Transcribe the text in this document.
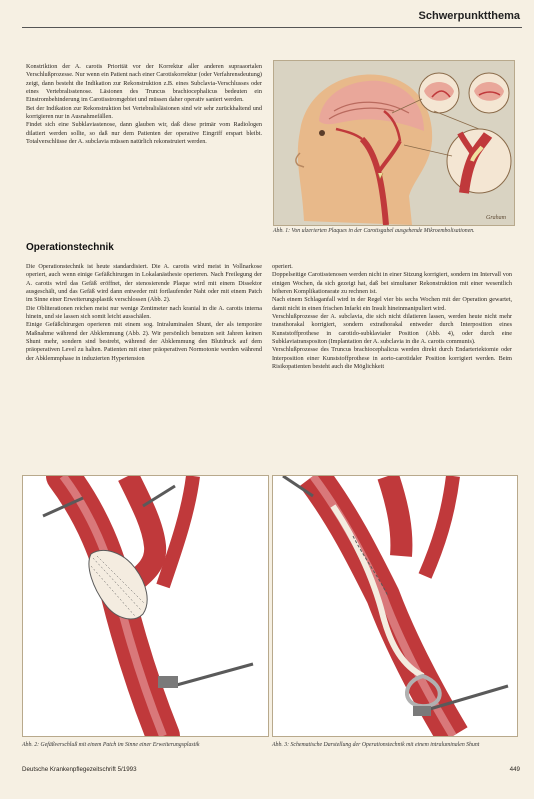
Schwerpunktthema

Konstriktion der A. carotis Priorität vor der Korrektur aller anderen supraaortalen Verschlußprozesse. Nur wenn ein Patient nach einer Carotiskorrektur (oder Verfahrensdeutung) zeigt, dann besteht die Indikation zur Rekonstruktion z.B. eines Subclavia-Verschlusses oder eines Vertebralisstenose. Läsionen des Truncus brachiocephalicus bedeuten ein Einstrombehinderung im Carotisstromgebiet und müssen daher operativ saniert werden.

Bei der Indikation zur Rekonstruktion bei Vertebralisläsionen sind wir sehr zurückhaltend und korrigieren nur in Ausnahmefällen.

Findet sich eine Subklaviastenose, dann glauben wir, daß diese primär vom Radiologen dilatiert werden sollte, so daß nur dem Patienten der operative Eingriff erspart bleibt. Totalverschlüsse der A. subclavia müssen natürlich rekonstruiert werden.

Graham
Abb. 1: Von ulzerierten Plaques in der Carotisgabel ausgehende Mikroembolisationen.
Operationstechnik

Die Operationstechnik ist heute standardisiert. Die A. carotis wird meist in Vollnarkose operiert, auch wenn einige Gefäßchirurgen in Lokalanästhesie operieren. Nach Freilegung der A. carotis wird das Gefäß eröffnet, der stenosierende Plaque wird mit einem Dissektor ausgeschält, und das Gefäß wird dann entweder mit fortlaufender Naht oder mit einem Patch im Sinne einer Erweiterungsplastik verschlossen (Abb. 2).

Die Obliterationen reichen meist nur wenige Zentimeter nach kranial in die A. carotis interna hinein, und sie lassen sich somit leicht ausschälen.

Einige Gefäßchirurgen operieren mit einem sog. Intraluminalen Shunt, der als temporäre Maßnahme während der Abklemmung (Abb. 2). Wir persönlich benutzen seit Jahren keinen Shunt mehr, sondern sind bestrebt, während der Abklemmung den Blutdruck auf dem präoperativen Level zu halten. Patienten mit einer präoperativen Normotonie werden während der Abklemmphase in induzierten Hypertension

operiert.

Doppelseitige Carotisstenosen werden nicht in einer Sitzung korrigiert, sondern im Intervall von einigen Wochen, da sich gezeigt hat, daß bei simultaner Rekonstruktion mit einer wesentlich höheren Komplikationsrate zu rechnen ist.

Nach einem Schlaganfall wird in der Regel vier bis sechs Wochen mit der Operation gewartet, damit nicht in einen frischen Infarkt ein Insult hineinmanipuliert wird.

Verschlußprozesse der A. subclavia, die sich nicht dilatieren lassen, werden heute nicht mehr transthorakal korrigiert, sondern extrathorakal entweder durch Interposition eines Kunststoffprothese in carotido-subklavialer Position (Abb. 4), oder durch eine Subklaviatranspositon (Implantation der A. subclavia in die A. carotis communis).

Verschlußprozesse des Truncus brachiocephalicus werden direkt durch Endarteriektomie oder Interposition einer Kunststoffprothese in aorto-carotidaler Position korrigiert werden. Beim Risikopatienten besteht auch die Möglichkeit

Abb. 2: Gefäßverschluß mit einem Patch im Sinne einer Erweiterungsplastik	Abb. 3: Schematische Darstellung der Operationstechnik mit einem intraluminalen Shunt
Deutsche Krankenpflegezeitschrift 5/1993	449
